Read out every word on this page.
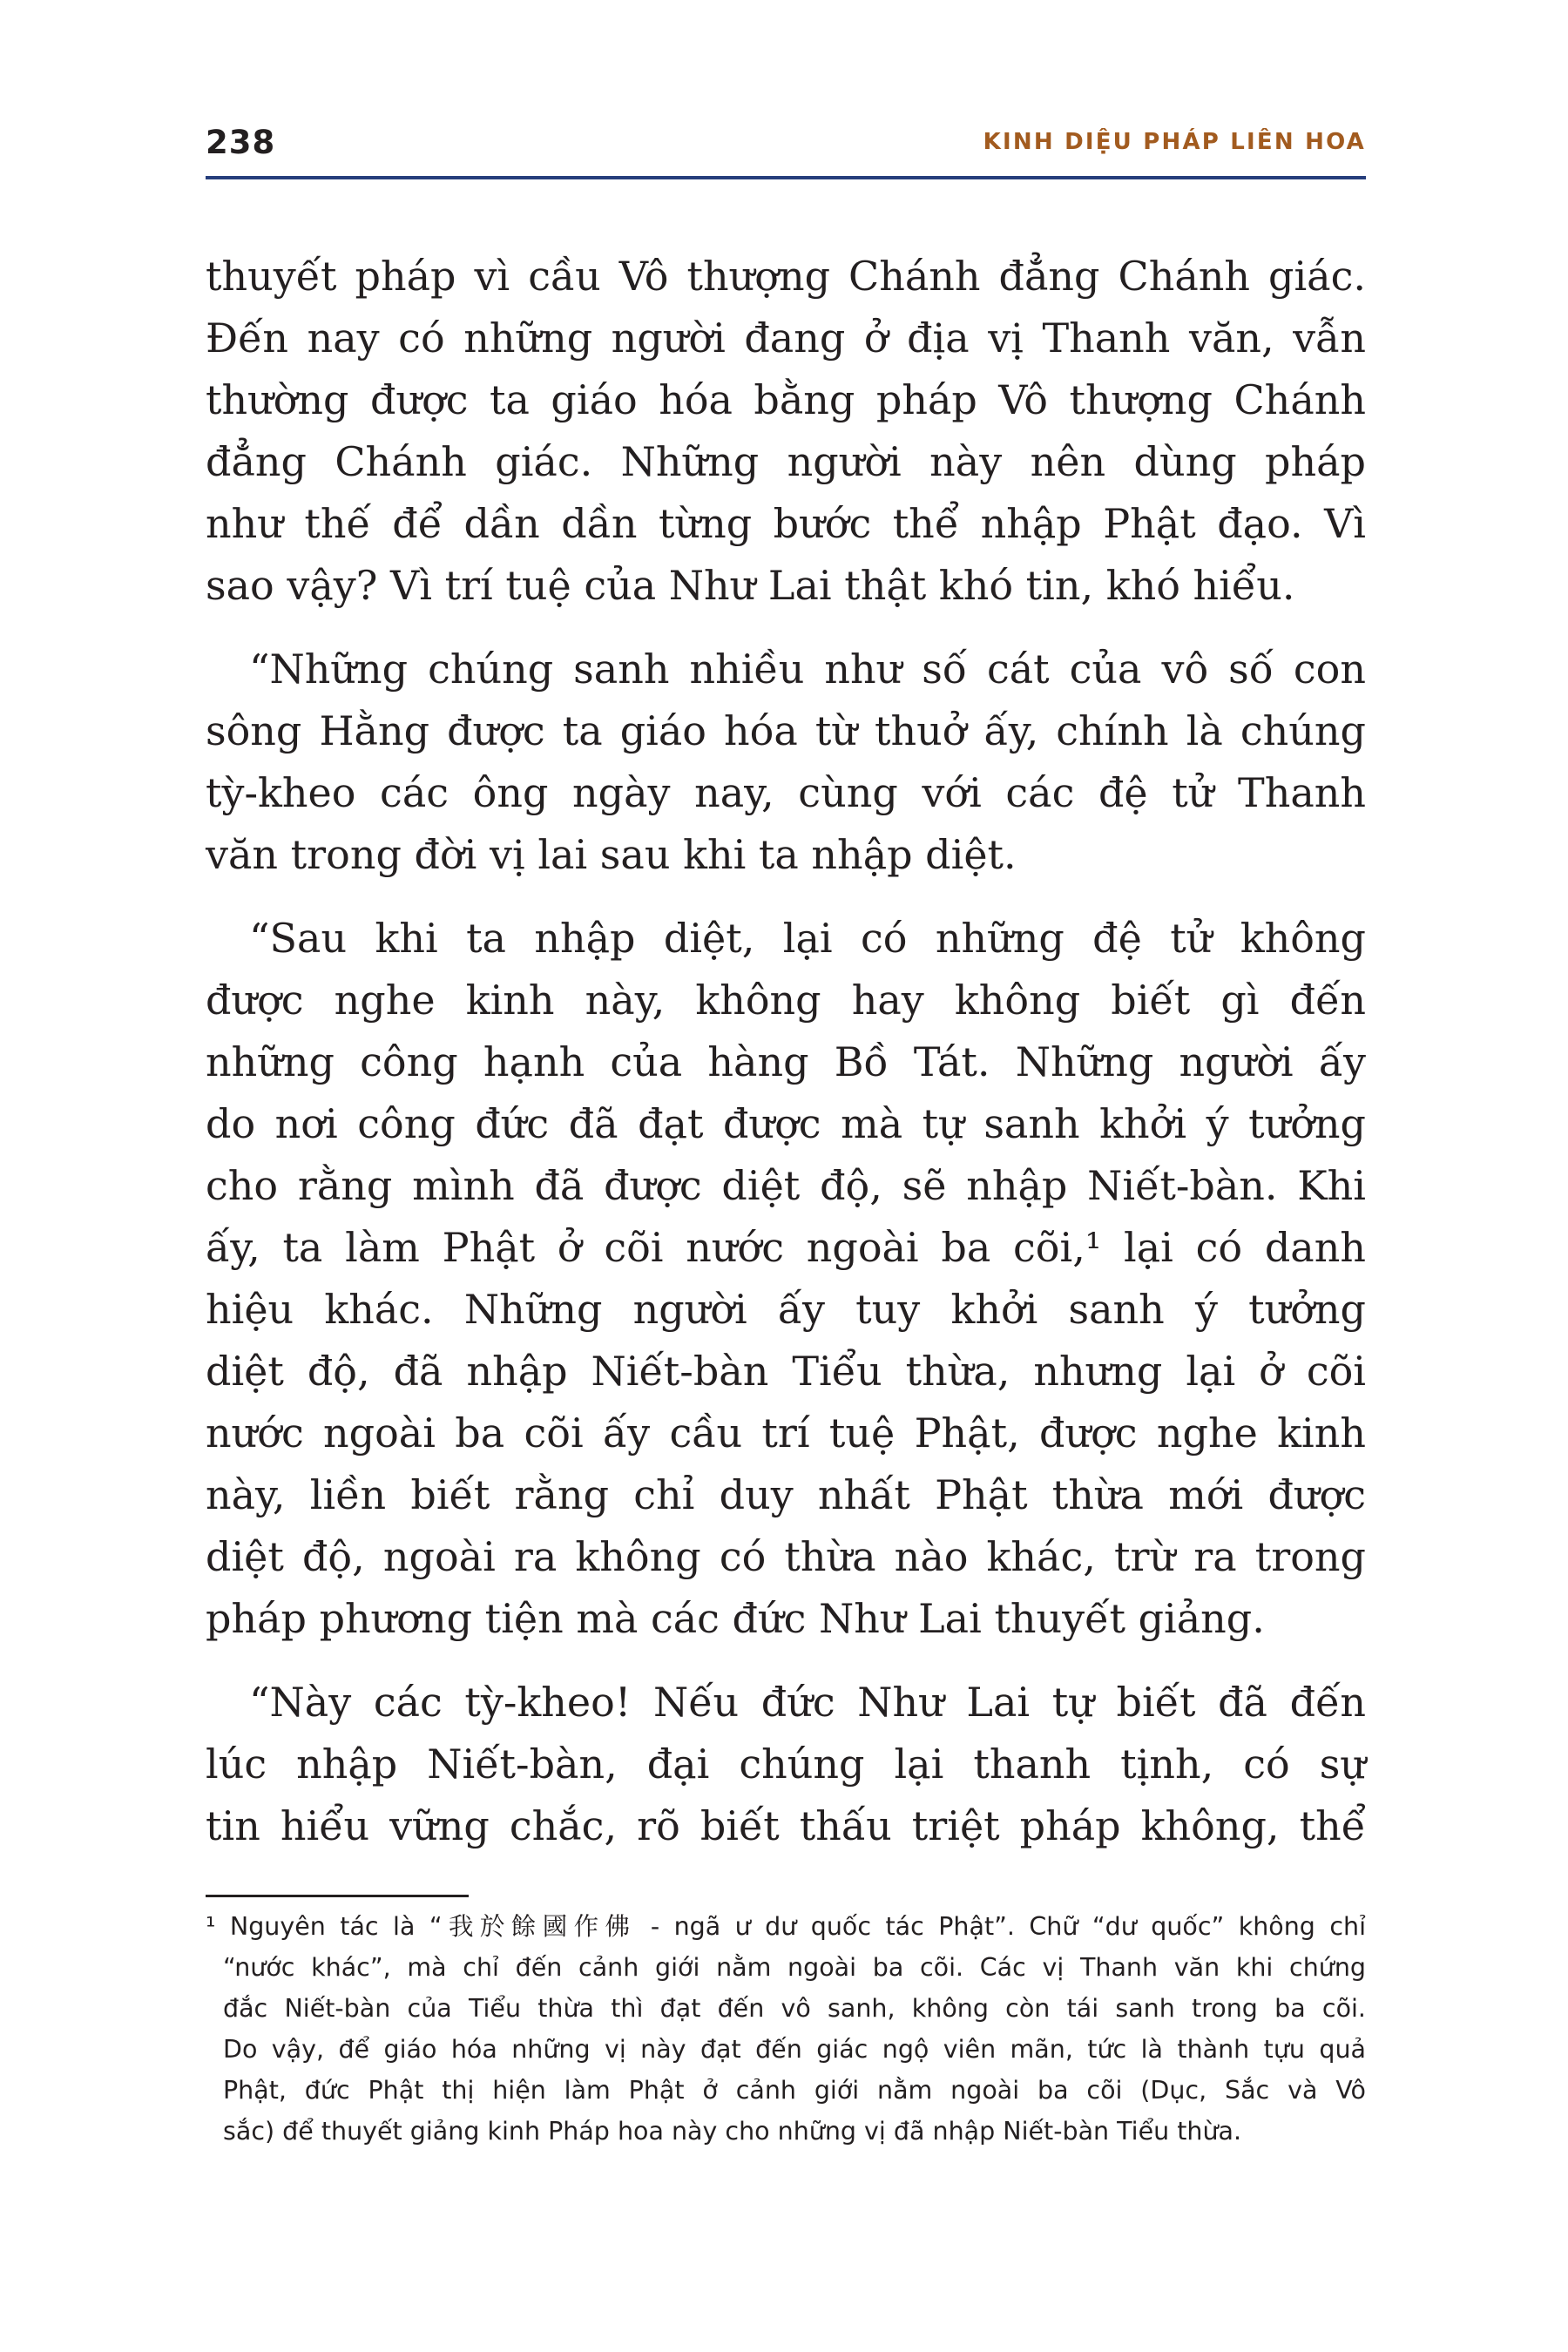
238	KINH DIỆU PHÁP LIÊN HOA
thuyết pháp vì cầu Vô thượng Chánh đẳng Chánh giác.
Đến nay có những người đang ở địa vị Thanh văn, vẫn
thường được ta giáo hóa bằng pháp Vô thượng Chánh
đẳng Chánh giác. Những người này nên dùng pháp
như thế để dần dần từng bước thể nhập Phật đạo. Vì
sao vậy? Vì trí tuệ của Như Lai thật khó tin, khó hiểu.
“Những chúng sanh nhiều như số cát của vô số con
sông Hằng được ta giáo hóa từ thuở ấy, chính là chúng
tỳ-kheo các ông ngày nay, cùng với các đệ tử Thanh
văn trong đời vị lai sau khi ta nhập diệt.
“Sau khi ta nhập diệt, lại có những đệ tử không
được nghe kinh này, không hay không biết gì đến
những công hạnh của hàng Bồ Tát. Những người ấy
do nơi công đức đã đạt được mà tự sanh khởi ý tưởng
cho rằng mình đã được diệt độ, sẽ nhập Niết-bàn. Khi
ấy, ta làm Phật ở cõi nước ngoài ba cõi,¹ lại có danh
hiệu khác. Những người ấy tuy khởi sanh ý tưởng
diệt độ, đã nhập Niết-bàn Tiểu thừa, nhưng lại ở cõi
nước ngoài ba cõi ấy cầu trí tuệ Phật, được nghe kinh
này, liền biết rằng chỉ duy nhất Phật thừa mới được
diệt độ, ngoài ra không có thừa nào khác, trừ ra trong
pháp phương tiện mà các đức Như Lai thuyết giảng.
“Này các tỳ-kheo! Nếu đức Như Lai tự biết đã đến
lúc nhập Niết-bàn, đại chúng lại thanh tịnh, có sự
tin hiểu vững chắc, rõ biết thấu triệt pháp không, thể
¹ Nguyên tác là “我於餘國作佛 - ngã ư dư quốc tác Phật”. Chữ “dư quốc” không chỉ
“nước khác”, mà chỉ đến cảnh giới nằm ngoài ba cõi. Các vị Thanh văn khi chứng
đắc Niết-bàn của Tiểu thừa thì đạt đến vô sanh, không còn tái sanh trong ba cõi.
Do vậy, để giáo hóa những vị này đạt đến giác ngộ viên mãn, tức là thành tựu quả
Phật, đức Phật thị hiện làm Phật ở cảnh giới nằm ngoài ba cõi (Dục, Sắc và Vô
sắc) để thuyết giảng kinh Pháp hoa này cho những vị đã nhập Niết-bàn Tiểu thừa.
